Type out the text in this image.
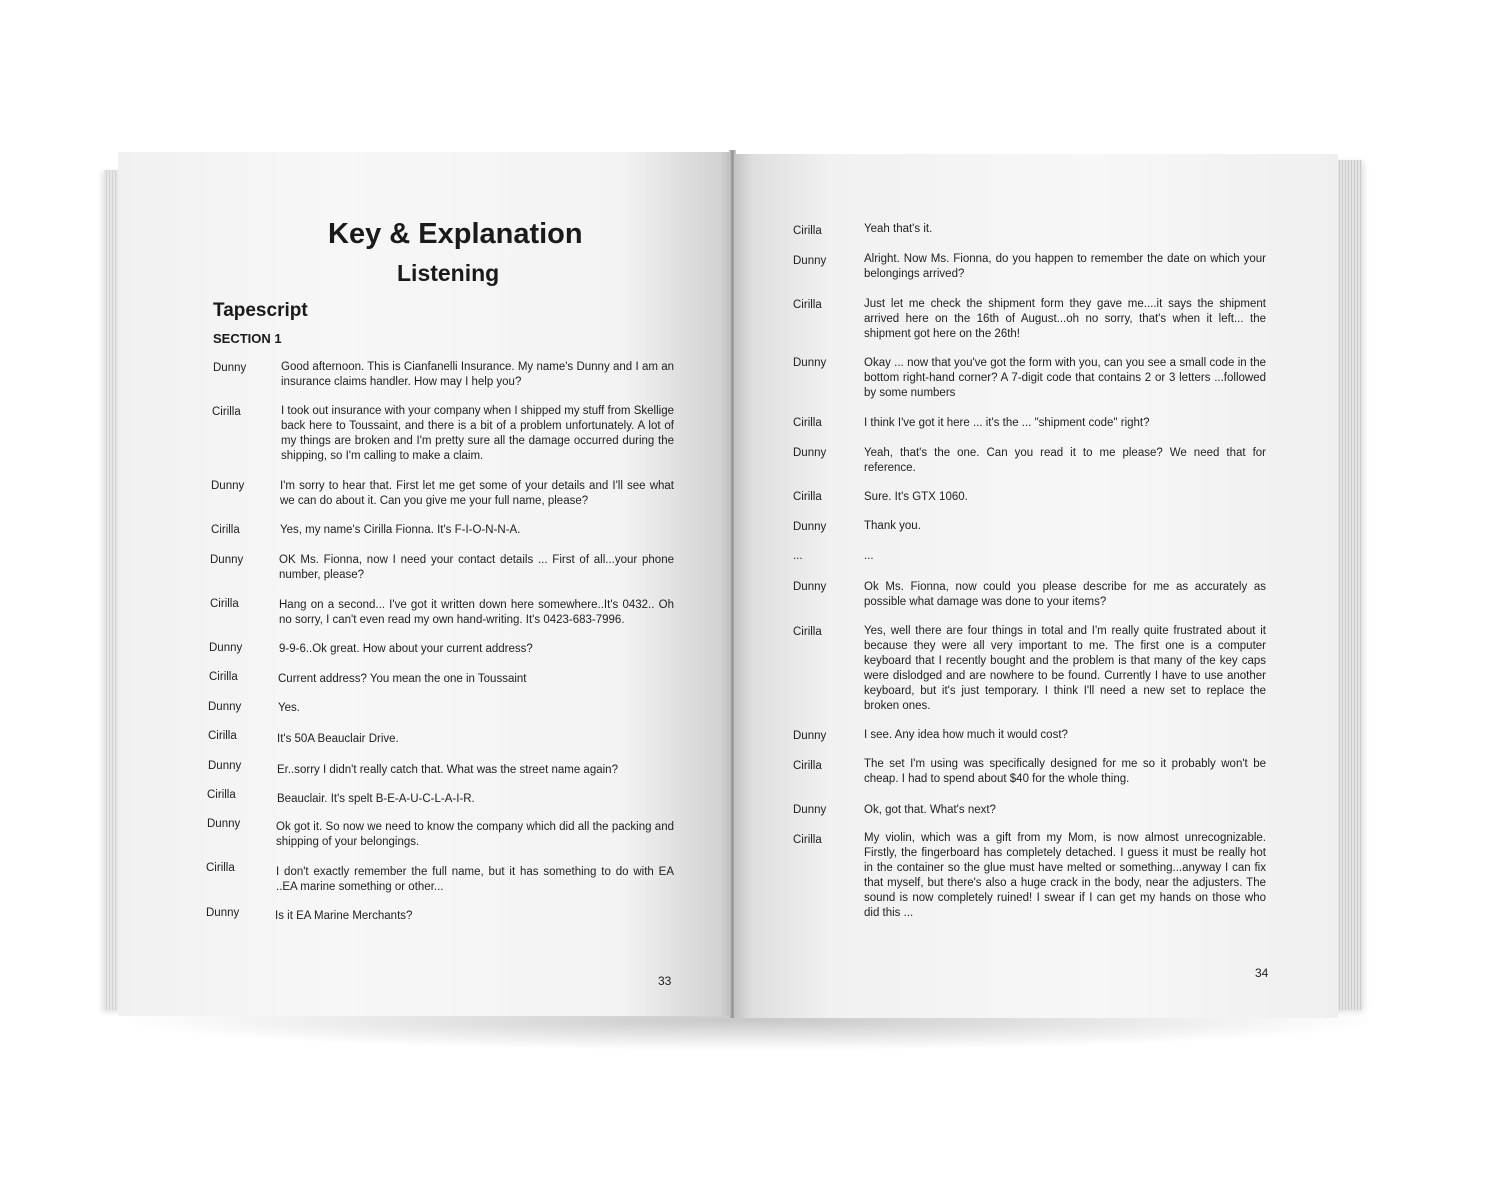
Key & Explanation
Listening
Tapescript
SECTION 1
Dunny	Good afternoon. This is Cianfanelli Insurance. My name's Dunny and I am an insurance claims handler. How may I help you?
Cirilla	I took out insurance with your company when I shipped my stuff from Skellige back here to Toussaint, and there is a bit of a problem unfortunately. A lot of my things are broken and I'm pretty sure all the damage occurred during the shipping, so I'm calling to make a claim.
Dunny	I'm sorry to hear that. First let me get some of your details and I'll see what we can do about it. Can you give me your full name, please?
Cirilla	Yes, my name's Cirilla Fionna. It's F-I-O-N-N-A.
Dunny	OK Ms. Fionna, now I need your contact details ... First of all...your phone number, please?
Cirilla	Hang on a second... I've got it written down here somewhere..It's 0432.. Oh no sorry, I can't even read my own hand-writing. It's 0423-683-7996.
Dunny	9-9-6..Ok great. How about your current address?
Cirilla	Current address? You mean the one in Toussaint
Dunny	Yes.
Cirilla	It's 50A Beauclair Drive.
Dunny	Er..sorry I didn't really catch that. What was the street name again?
Cirilla	Beauclair. It's spelt B-E-A-U-C-L-A-I-R.
Dunny	Ok got it. So now we need to know the company which did all the packing and shipping of your belongings.
Cirilla	I don't exactly remember the full name, but it has something to do with EA ..EA marine something or other...
Dunny	Is it EA Marine Merchants?
33
Cirilla	Yeah that's it.
Dunny	Alright. Now Ms. Fionna, do you happen to remember the date on which your belongings arrived?
Cirilla	Just let me check the shipment form they gave me....it says the shipment arrived here on the 16th of August...oh no sorry, that's when it left... the shipment got here on the 26th!
Dunny	Okay ... now that you've got the form with you, can you see a small code in the bottom right-hand corner? A 7-digit code that contains 2 or 3 letters ...followed by some numbers
Cirilla	I think I've got it here ... it's the ... "shipment code" right?
Dunny	Yeah, that's the one. Can you read it to me please? We need that for reference.
Cirilla	Sure. It's GTX 1060.
Dunny	Thank you.
...	...
Dunny	Ok Ms. Fionna, now could you please describe for me as accurately as possible what damage was done to your items?
Cirilla	Yes, well there are four things in total and I'm really quite frustrated about it because they were all very important to me. The first one is a computer keyboard that I recently bought and the problem is that many of the key caps were dislodged and are nowhere to be found. Currently I have to use another keyboard, but it's just temporary. I think I'll need a new set to replace the broken ones.
Dunny	I see. Any idea how much it would cost?
Cirilla	The set I'm using was specifically designed for me so it probably won't be cheap. I had to spend about $40 for the whole thing.
Dunny	Ok, got that. What's next?
Cirilla	My violin, which was a gift from my Mom, is now almost unrecognizable. Firstly, the fingerboard has completely detached. I guess it must be really hot in the container so the glue must have melted or something...anyway I can fix that myself, but there's also a huge crack in the body, near the adjusters. The sound is now completely ruined! I swear if I can get my hands on those who did this ...
34
